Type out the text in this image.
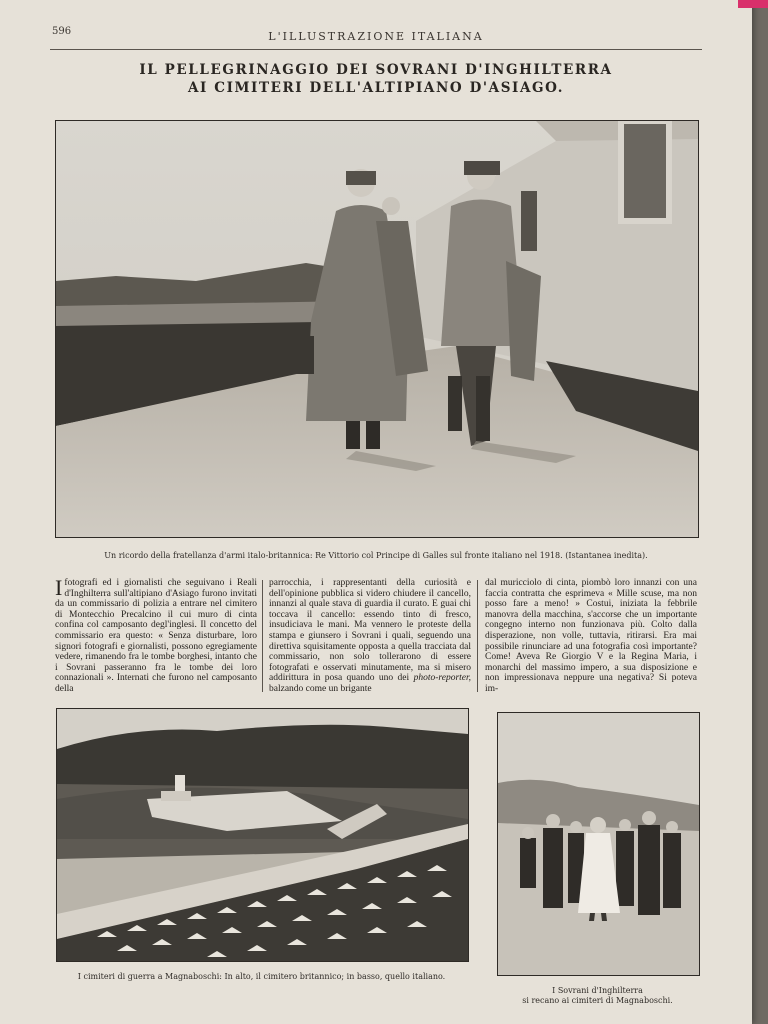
596	L'ILLUSTRAZIONE ITALIANA
IL PELLEGRINAGGIO DEI SOVRANI D'INGHILTERRA
AI CIMITERI DELL'ALTIPIANO D'ASIAGO.
Un ricordo della fratellanza d'armi italo-britannica: Re Vittorio col Principe di Galles sul fronte italiano nel 1918. (Istantanea inedita).

Ifotografi ed i giornalisti che seguivano i Reali d'Inghilterra sull'altipiano d'Asiago furono invitati da un commissario di polizia a entrare nel cimitero di Montecchio Precalcino il cui muro di cinta confina col camposanto degl'inglesi. Il concetto del commissario era questo: « Senza disturbare, loro signori fotografi e giornalisti, possono egregiamente vedere, rimanendo fra le tombe borghesi, intanto che i Sovrani passeranno fra le tombe dei loro connazionali ». Internati che furono nel camposanto della

parrocchia, i rappresentanti della curiosità e dell'opinione pubblica si videro chiudere il cancello, innanzi al quale stava di guardia il curato. E guai chi toccava il cancello: essendo tinto di fresco, insudiciava le mani. Ma vennero le proteste della stampa e giunsero i Sovrani i quali, seguendo una direttiva squisitamente opposta a quella tracciata dal commissario, non solo tollerarono di essere fotografati e osservati minutamente, ma si misero addirittura in posa quando uno dei photo-reporter, balzando come un brigante

dal muricciolo di cinta, piombò loro innanzi con una faccia contratta che esprimeva « Mille scuse, ma non posso fare a meno! » Costui, iniziata la febbrile manovra della macchina, s'accorse che un importante congegno interno non funzionava più. Colto dalla disperazione, non volle, tuttavia, ritirarsi. Era mai possibile rinunciare ad una fotografia così importante? Come! Aveva Re Giorgio V e la Regina Maria, i monarchi del massimo impero, a sua disposizione e non impressionava neppure una negativa? Si poteva im-

I cimiteri di guerra a Magnaboschi: In alto, il cimitero britannico; in basso, quello italiano.
I Sovrani d'Inghilterra
si recano ai cimiteri di Magnaboschi.
